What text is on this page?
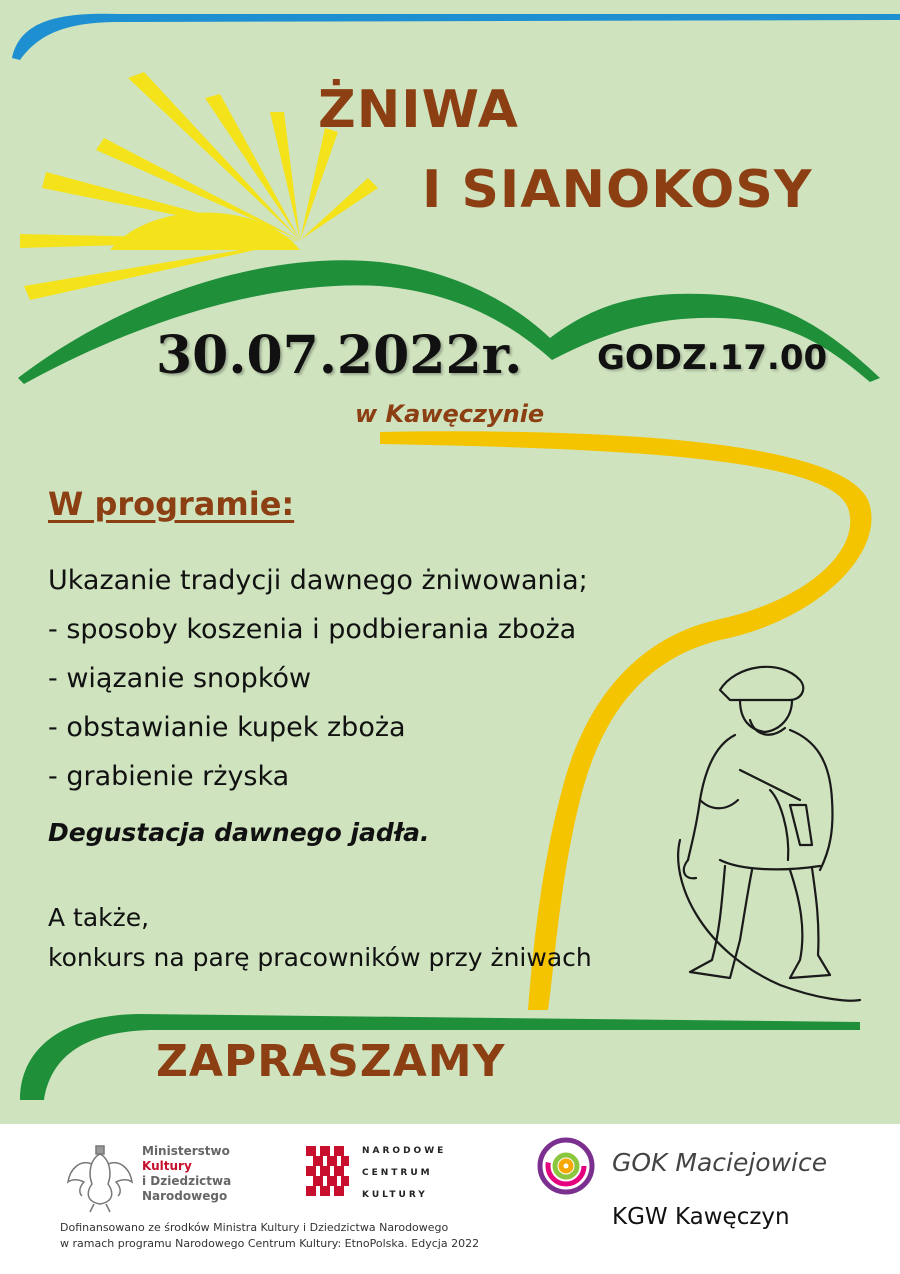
ŻNIWA
I SIANOKOSY
30.07.2022r. GODZ.17.00
w Kawęczynie
W programie:
Ukazanie tradycji dawnego żniwowania;
- sposoby koszenia i podbierania zboża
- wiązanie snopków
- obstawianie kupek zboża
- grabienie rżyska
Degustacja dawnego jadła.
A także,
konkurs na parę pracowników przy żniwach
ZAPRASZAMY
Ministerstwo
Kultury
i Dziedzictwa
Narodowego
NARODOWE
CENTRUM
KULTURY
GOK Maciejowice
KGW Kawęczyn
Dofinansowano ze środków Ministra Kultury i Dziedzictwa Narodowego
w ramach programu Narodowego Centrum Kultury: EtnoPolska. Edycja 2022
